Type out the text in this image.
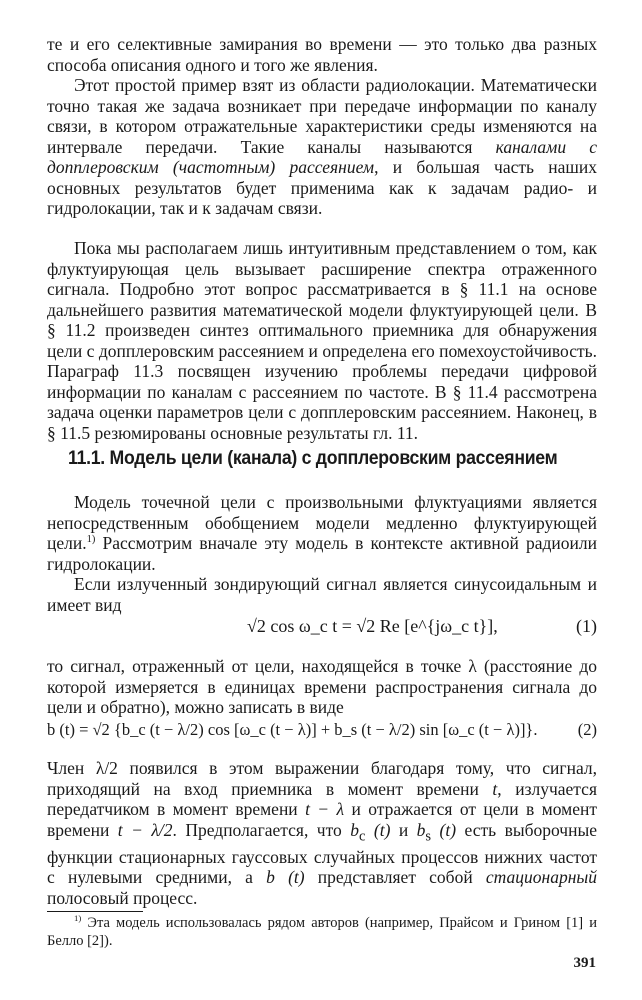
те и его селективные замирания во времени — это только два разных способа описания одного и того же явления.

Этот простой пример взят из области радиолокации. Математически точно такая же задача возникает при передаче информации по каналу связи, в котором отражательные характеристики среды изменяются на интервале передачи. Такие каналы называются каналами с допплеровским (частотным) рассеянием, и большая часть наших основных результатов будет применима как к задачам радио- и гидролокации, так и к задачам связи.

Пока мы располагаем лишь интуитивным представлением о том, как флуктуирующая цель вызывает расширение спектра отраженного сигнала. Подробно этот вопрос рассматривается в § 11.1 на основе дальнейшего развития математической модели флуктуирующей цели. В § 11.2 произведен синтез оптимального приемника для обнаружения цели с допплеровским рассеянием и определена его помехоустойчивость. Параграф 11.3 посвящен изучению проблемы передачи цифровой информации по каналам с рассеянием по частоте. В § 11.4 рассмотрена задача оценки параметров цели с допплеровским рассеянием. Наконец, в § 11.5 резюмированы основные результаты гл. 11.

11.1. Модель цели (канала) с допплеровским рассеянием

Модель точечной цели с произвольными флуктуациями является непосредственным обобщением модели медленно флуктуирующей цели.$^{1)}$ Рассмотрим вначале эту модель в контексте активной радиоили гидролокации.

Если излученный зондирующий сигнал является синусоидальным и имеет вид

√2 cos ω_c t = √2 Re [e^{jω_c t}],	(1)

то сигнал, отраженный от цели, находящейся в точке λ (расстояние до которой измеряется в единицах времени распространения сигнала до цели и обратно), можно записать в виде

b (t) = √2 {b_c (t − λ/2) cos [ω_c (t − λ)] + b_s (t − λ/2) sin [ω_c (t − λ)]}. (2)

Член λ/2 появился в этом выражении благодаря тому, что сигнал, приходящий на вход приемника в момент времени t, излучается передатчиком в момент времени t − λ и отражается от цели в момент времени t − λ/2. Предполагается, что $b_c$ (t) и $b_s$ (t) есть выборочные функции стационарных гауссовых случайных процессов нижних частот с нулевыми средними, а b (t) представляет собой стационарный полосовый процесс.

$^{1)}$ Эта модель использовалась рядом авторов (например, Прайсом и Грином [1] и Белло [2]).
391
